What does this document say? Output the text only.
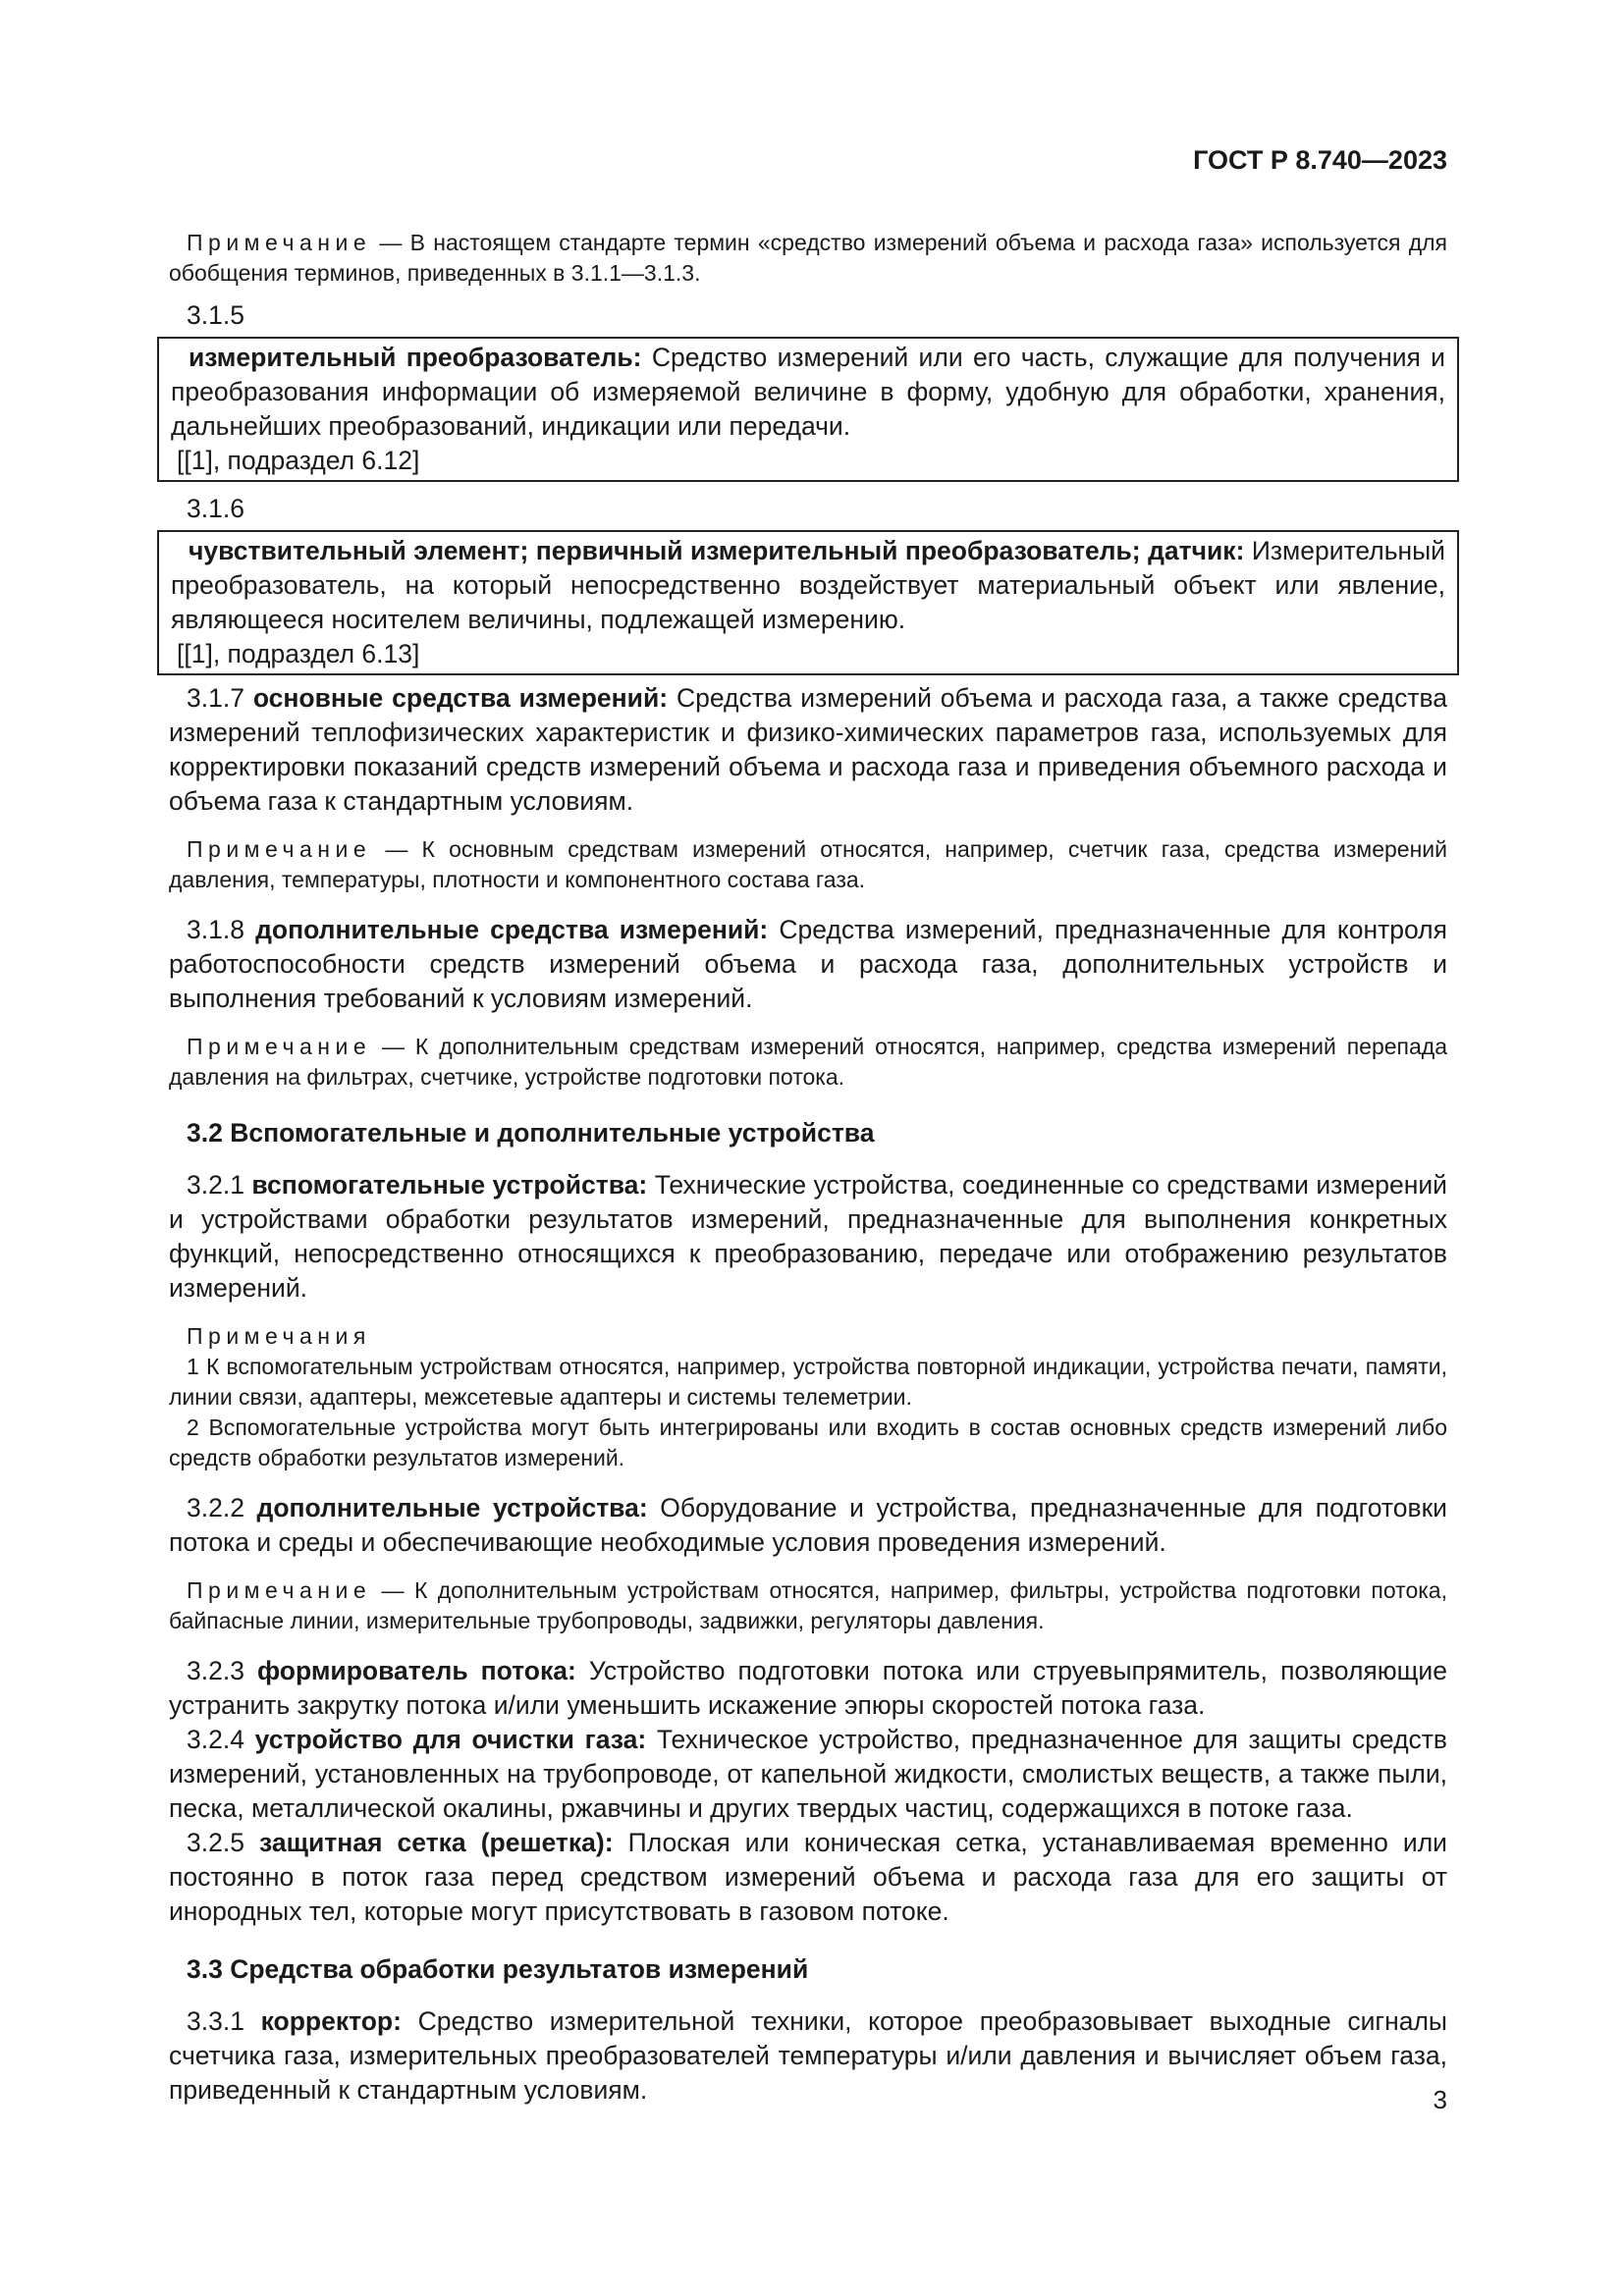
ГОСТ Р 8.740—2023

Примечание — В настоящем стандарте термин «средство измерений объема и расхода газа» используется для обобщения терминов, приведенных в 3.1.1—3.1.3.

3.1.5

измерительный преобразователь: Средство измерений или его часть, служащие для получения и преобразования информации об измеряемой величине в форму, удобную для обработки, хранения, дальнейших преобразований, индикации или передачи.

[[1], подраздел 6.12]

3.1.6

чувствительный элемент; первичный измерительный преобразователь; датчик: Измерительный преобразователь, на который непосредственно воздействует материальный объект или явление, являющееся носителем величины, подлежащей измерению.

[[1], подраздел 6.13]

3.1.7 основные средства измерений: Средства измерений объема и расхода газа, а также средства измерений теплофизических характеристик и физико-химических параметров газа, используемых для корректировки показаний средств измерений объема и расхода газа и приведения объемного расхода и объема газа к стандартным условиям.

Примечание — К основным средствам измерений относятся, например, счетчик газа, средства измерений давления, температуры, плотности и компонентного состава газа.

3.1.8 дополнительные средства измерений: Средства измерений, предназначенные для контроля работоспособности средств измерений объема и расхода газа, дополнительных устройств и выполнения требований к условиям измерений.

Примечание — К дополнительным средствам измерений относятся, например, средства измерений перепада давления на фильтрах, счетчике, устройстве подготовки потока.

3.2 Вспомогательные и дополнительные устройства

3.2.1 вспомогательные устройства: Технические устройства, соединенные со средствами измерений и устройствами обработки результатов измерений, предназначенные для выполнения конкретных функций, непосредственно относящихся к преобразованию, передаче или отображению результатов измерений.

Примечания

1 К вспомогательным устройствам относятся, например, устройства повторной индикации, устройства печати, памяти, линии связи, адаптеры, межсетевые адаптеры и системы телеметрии.

2 Вспомогательные устройства могут быть интегрированы или входить в состав основных средств измерений либо средств обработки результатов измерений.

3.2.2 дополнительные устройства: Оборудование и устройства, предназначенные для подготовки потока и среды и обеспечивающие необходимые условия проведения измерений.

Примечание — К дополнительным устройствам относятся, например, фильтры, устройства подготовки потока, байпасные линии, измерительные трубопроводы, задвижки, регуляторы давления.

3.2.3 формирователь потока: Устройство подготовки потока или струевыпрямитель, позволяющие устранить закрутку потока и/или уменьшить искажение эпюры скоростей потока газа.

3.2.4 устройство для очистки газа: Техническое устройство, предназначенное для защиты средств измерений, установленных на трубопроводе, от капельной жидкости, смолистых веществ, а также пыли, песка, металлической окалины, ржавчины и других твердых частиц, содержащихся в потоке газа.

3.2.5 защитная сетка (решетка): Плоская или коническая сетка, устанавливаемая временно или постоянно в поток газа перед средством измерений объема и расхода газа для его защиты от инородных тел, которые могут присутствовать в газовом потоке.

3.3 Средства обработки результатов измерений

3.3.1 корректор: Средство измерительной техники, которое преобразовывает выходные сигналы счетчика газа, измерительных преобразователей температуры и/или давления и вычисляет объем газа, приведенный к стандартным условиям.	3
